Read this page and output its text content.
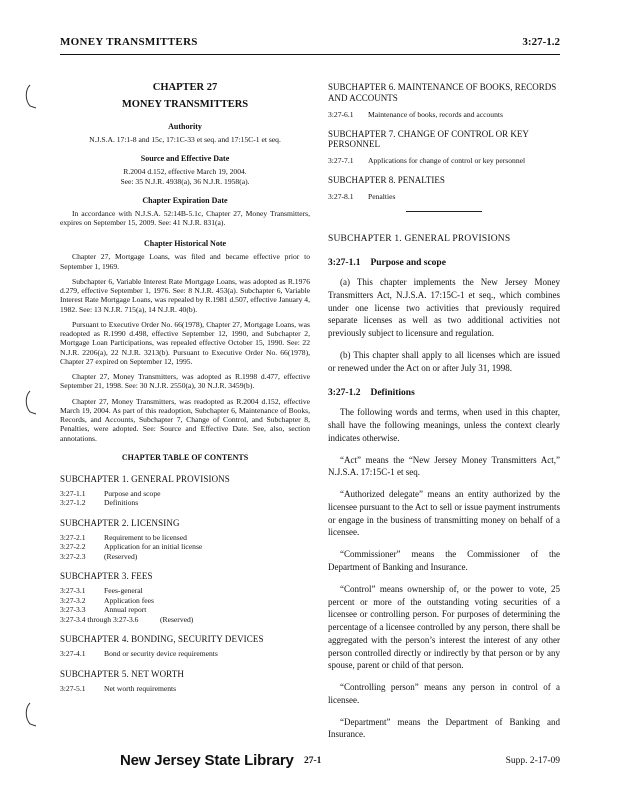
MONEY TRANSMITTERS	3:27-1.2

CHAPTER 27

MONEY TRANSMITTERS

Authority

N.J.S.A. 17:1-8 and 15c, 17:1C-33 et seq. and 17:15C-1 et seq.

Source and Effective Date

R.2004 d.152, effective March 19, 2004.

See: 35 N.J.R. 4938(a), 36 N.J.R. 1958(a).

Chapter Expiration Date

In accordance with N.J.S.A. 52:14B-5.1c, Chapter 27, Money Transmitters, expires on September 15, 2009. See: 41 N.J.R. 831(a).

Chapter Historical Note

Chapter 27, Mortgage Loans, was filed and became effective prior to September 1, 1969.

Subchapter 6, Variable Interest Rate Mortgage Loans, was adopted as R.1976 d.279, effective September 1, 1976. See: 8 N.J.R. 453(a). Subchapter 6, Variable Interest Rate Mortgage Loans, was repealed by R.1981 d.507, effective January 4, 1982. See: 13 N.J.R. 715(a), 14 N.J.R. 40(b).

Pursuant to Executive Order No. 66(1978), Chapter 27, Mortgage Loans, was readopted as R.1990 d.498, effective September 12, 1990, and Subchapter 2, Mortgage Loan Participations, was repealed effective October 15, 1990. See: 22 N.J.R. 2206(a), 22 N.J.R. 3213(b). Pursuant to Executive Order No. 66(1978), Chapter 27 expired on September 12, 1995.

Chapter 27, Money Transmitters, was adopted as R.1998 d.477, effective September 21, 1998. See: 30 N.J.R. 2550(a), 30 N.J.R. 3459(b).

Chapter 27, Money Transmitters, was readopted as R.2004 d.152, effective March 19, 2004. As part of this readoption, Subchapter 6, Maintenance of Books, Records, and Accounts, Subchapter 7, Change of Control, and Subchapter 8, Penalties, were adopted. See: Source and Effective Date. See, also, section annotations.

CHAPTER TABLE OF CONTENTS

SUBCHAPTER 1. GENERAL PROVISIONS

3:27-1.1	Purpose and scope
3:27-1.2	Definitions

SUBCHAPTER 2. LICENSING

3:27-2.1	Requirement to be licensed
3:27-2.2	Application for an initial license
3:27-2.3	(Reserved)

SUBCHAPTER 3. FEES

3:27-3.1	Fees-general
3:27-3.2	Application fees
3:27-3.3	Annual report
3:27-3.4 through 3:27-3.6	(Reserved)

SUBCHAPTER 4. BONDING, SECURITY DEVICES

3:27-4.1	Bond or security device requirements

SUBCHAPTER 5. NET WORTH

3:27-5.1	Net worth requirements

SUBCHAPTER 6. MAINTENANCE OF BOOKS, RECORDS AND ACCOUNTS

3:27-6.1	Maintenance of books, records and accounts

SUBCHAPTER 7. CHANGE OF CONTROL OR KEY PERSONNEL

3:27-7.1	Applications for change of control or key personnel

SUBCHAPTER 8. PENALTIES

3:27-8.1	Penalties

SUBCHAPTER 1. GENERAL PROVISIONS

3:27-1.1 Purpose and scope

(a) This chapter implements the New Jersey Money Transmitters Act, N.J.S.A. 17:15C-1 et seq., which combines under one license two activities that previously required separate licenses as well as two additional activities not previously subject to licensure and regulation.

(b) This chapter shall apply to all licenses which are issued or renewed under the Act on or after July 31, 1998.

3:27-1.2 Definitions

The following words and terms, when used in this chapter, shall have the following meanings, unless the context clearly indicates otherwise.

“Act” means the “New Jersey Money Transmitters Act,” N.J.S.A. 17:15C-1 et seq.

“Authorized delegate” means an entity authorized by the licensee pursuant to the Act to sell or issue payment instruments or engage in the business of transmitting money on behalf of a licensee.

“Commissioner” means the Commissioner of the Department of Banking and Insurance.

“Control” means ownership of, or the power to vote, 25 percent or more of the outstanding voting securities of a licensee or controlling person. For purposes of determining the percentage of a licensee controlled by any person, there shall be aggregated with the person’s interest the interest of any other person controlled directly or indirectly by that person or by any spouse, parent or child of that person.

“Controlling person” means any person in control of a licensee.

“Department” means the Department of Banking and Insurance.

New Jersey State Library 27-1	Supp. 2-17-09
